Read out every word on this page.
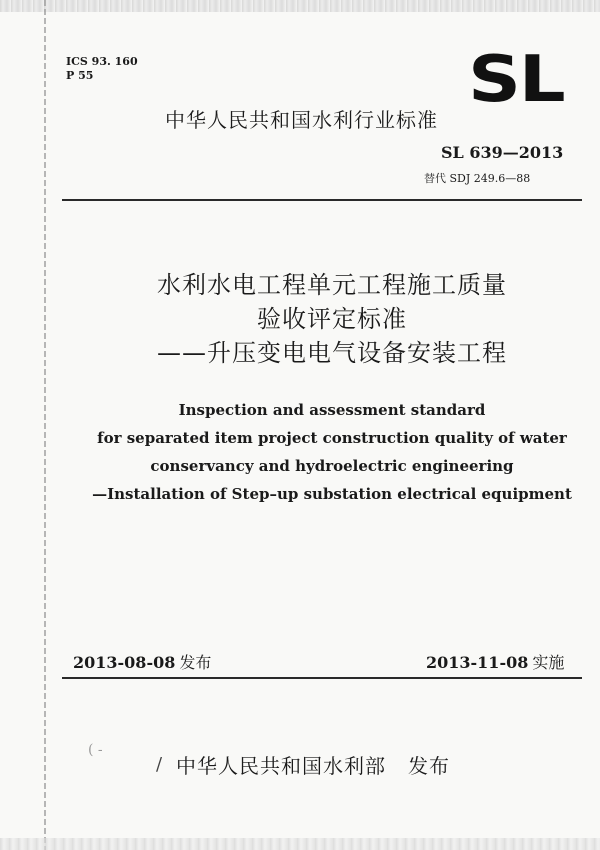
ICS 93. 160
P 55	SL
中华人民共和国水利行业标准
SL 639—2013
替代 SDJ 249.6—88
水利水电工程单元工程施工质量
验收评定标准
——升压变电电气设备安装工程
Inspection and assessment standard
for separated item project construction quality of water
conservancy and hydroelectric engineering
—Installation of Step–up substation electrical equipment
2013-08-08 发布	2013-11-08 实施
( -
/ 中华人民共和国水利部 发布
